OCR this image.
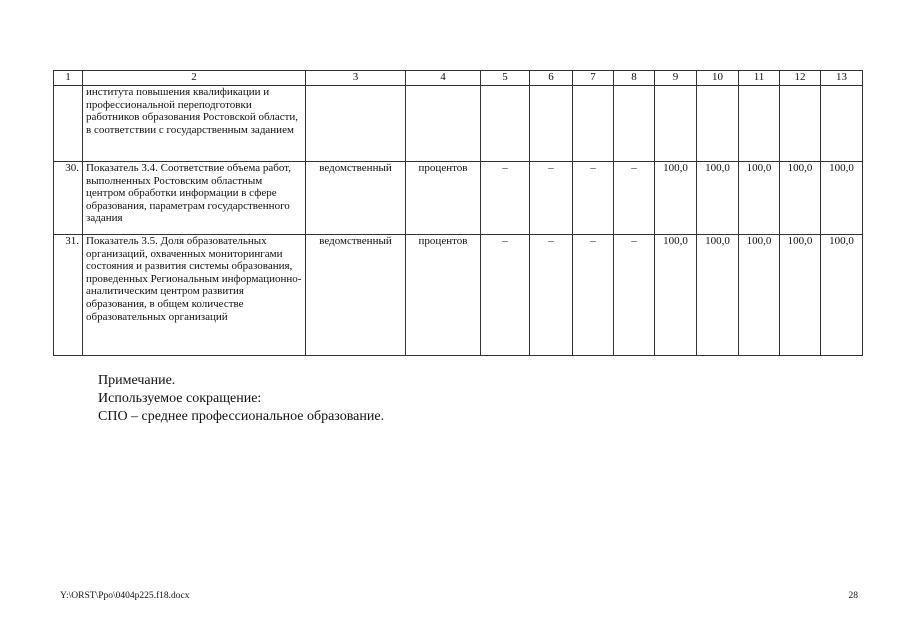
1	2	3	4	5	6	7	8	9	10	11	12	13
	института повышения квалификации и профессиональной переподготовки работников образования Ростовской области, в соответствии с государственным заданием											
30.	Показатель 3.4. Соответствие объема работ, выполненных Ростовским областным центром обработки информации в сфере образования, параметрам государственного задания	ведомственный	процентов	–	–	–	–	100,0	100,0	100,0	100,0	100,0
31.	Показатель 3.5. Доля образовательных организаций, охваченных мониторингами состояния и развития системы образования, проведенных Региональным информационно-аналитическим центром развития образования, в общем количестве образовательных организаций	ведомственный	процентов	–	–	–	–	100,0	100,0	100,0	100,0	100,0
Примечание.
Используемое сокращение:
СПО – среднее профессиональное образование.
Y:\ORST\Ppo\0404p225.f18.docx	28
